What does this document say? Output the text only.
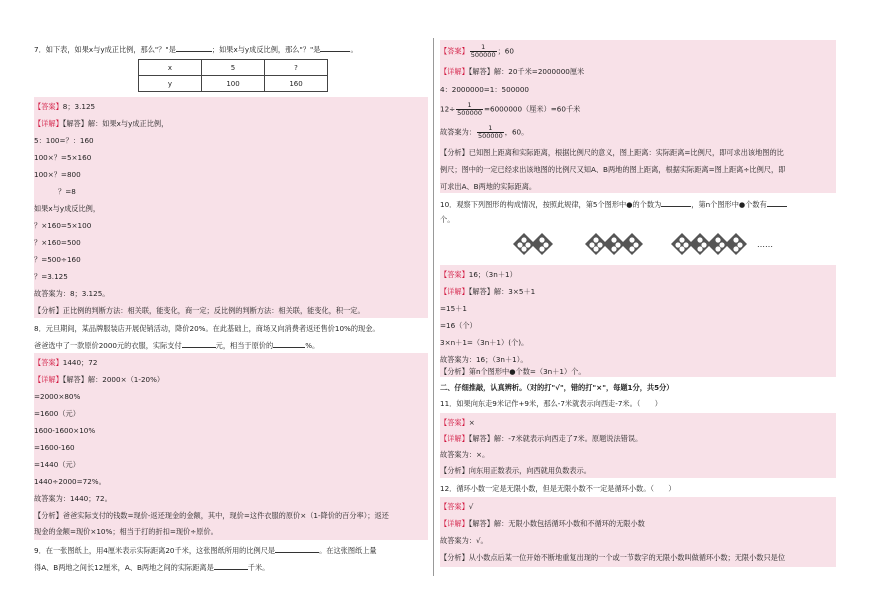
7．如下表，如果x与y成正比例，那么"？"是	；如果x与y成反比例，那么"？"是	。
x	5	?
y	100	160
【答案】8；3.125
【详解】【解答】解：如果x与y成正比例，
5：100=？：160
100×？=5×160
100×？=800
？=8
如果x与y成反比例，
？×160=5×100
？×160=500
？=500÷160
？=3.125
故答案为：8；3.125。
【分析】正比例的判断方法：相关联，能变化，商一定；反比例的判断方法：相关联，能变化，积一定。
8．元旦期间，某品牌服装店开展促销活动，降价20%。在此基础上，商场又向消费者返还售价10%的现金。
爸爸选中了一款原价2000元的衣服，实际支付	元，相当于原价的	%。
【答案】1440；72
【详解】【解答】解：2000×（1-20%）
=2000×80%
=1600（元）
1600-1600×10%
=1600-160
=1440（元）
1440÷2000=72%。
故答案为：1440；72。
【分析】爸爸实际支付的钱数=现价-返还现金的金额，其中，现价=这件衣服的原价×（1-降价的百分率）；返还
现金的金额=现价×10%；相当于打的折扣=现价÷原价。
9．在一张图纸上，用4厘米表示实际距离20千米，这张图纸所用的比例尺是	。在这张图纸上量
得A、B两地之间长12厘米，A、B两地之间的实际距离是	千米。
【答案】 $\frac{1}{500000}$ ；60
【详解】【解答】解：20千米=2000000厘米
4：2000000=1：500000
$12\div \frac{1}{500000} =6000000$（厘米）=60千米
故答案为： $\frac{1}{500000}$ ，60。
【分析】已知图上距离和实际距离，根据比例尺的意义，图上距离：实际距离=比例尺，即可求出该地图的比
例尺；图中的一定已经求出该地图的比例尺又知A、B两地的图上距离，根据实际距离=图上距离÷比例尺，即
可求出A、B两地的实际距离。
10．观察下列图形的构成情况，按照此规律，第5个图形中●的个数为	，第n个图形中●个数有
个。
……
【答案】16；（3n＋1）
【详解】【解答】解：3×5＋1
=15＋1
=16（个）
3×n＋1=（3n＋1）(个)。
故答案为：16；（3n＋1）。
【分析】第n个图形中●个数=（3n＋1）个。
二、仔细推敲，认真辨析。（对的打"√"，错的打"×"，每题1分，共5分）
11．如果向东走9米记作+9米，那么-7米就表示向西走-7米。（　　）
【答案】×
【详解】【解答】解：-7米就表示向西走了7米。原题说法错误。
故答案为：×。
【分析】向东用正数表示，向西就用负数表示。
12．循环小数一定是无限小数，但是无限小数不一定是循环小数。（　　）
【答案】√
【详解】【解答】解：无限小数包括循环小数和不循环的无限小数
故答案为：√。
【分析】从小数点后某一位开始不断地重复出现的一个或一节数字的无限小数叫做循环小数；无限小数只是位
